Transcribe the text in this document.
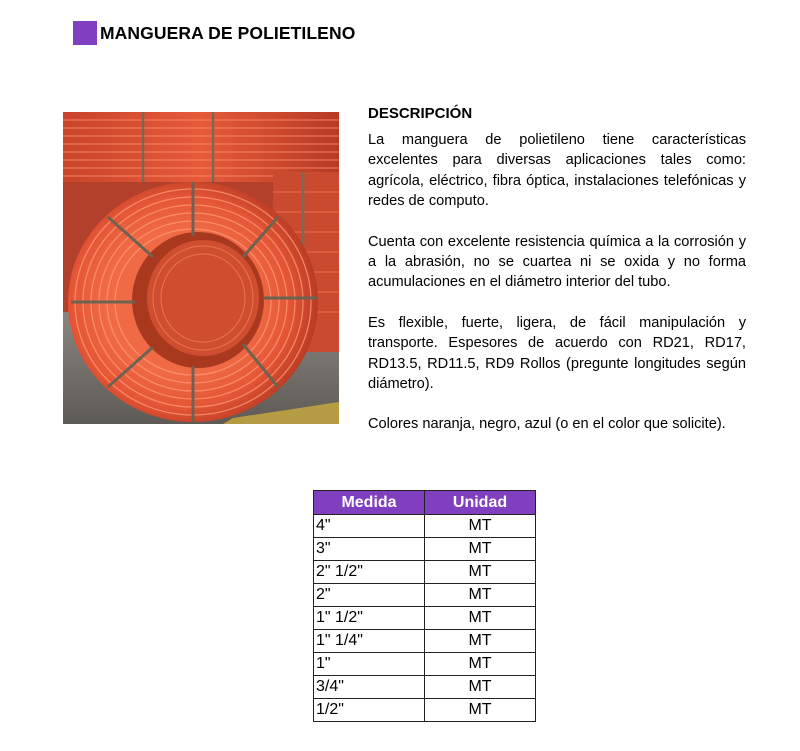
MANGUERA DE POLIETILENO
DESCRIPCIÓN

La manguera de polietileno tiene características excelentes para diversas aplicaciones tales como: agrícola, eléctrico, fibra óptica, instalaciones telefónicas y redes de computo.

Cuenta con excelente resistencia química a la corrosión y a la abrasión, no se cuartea ni se oxida y no forma acumulaciones en el diámetro interior del tubo.

Es flexible, fuerte, ligera, de fácil manipulación y transporte. Espesores de acuerdo con RD21, RD17, RD13.5, RD11.5, RD9 Rollos (pregunte longitudes según diámetro).

Colores naranja, negro, azul (o en el color que solicite).

Medida	Unidad
4"	MT
3"	MT
2" 1/2"	MT
2"	MT
1" 1/2"	MT
1" 1/4"	MT
1"	MT
3/4"	MT
1/2"	MT
